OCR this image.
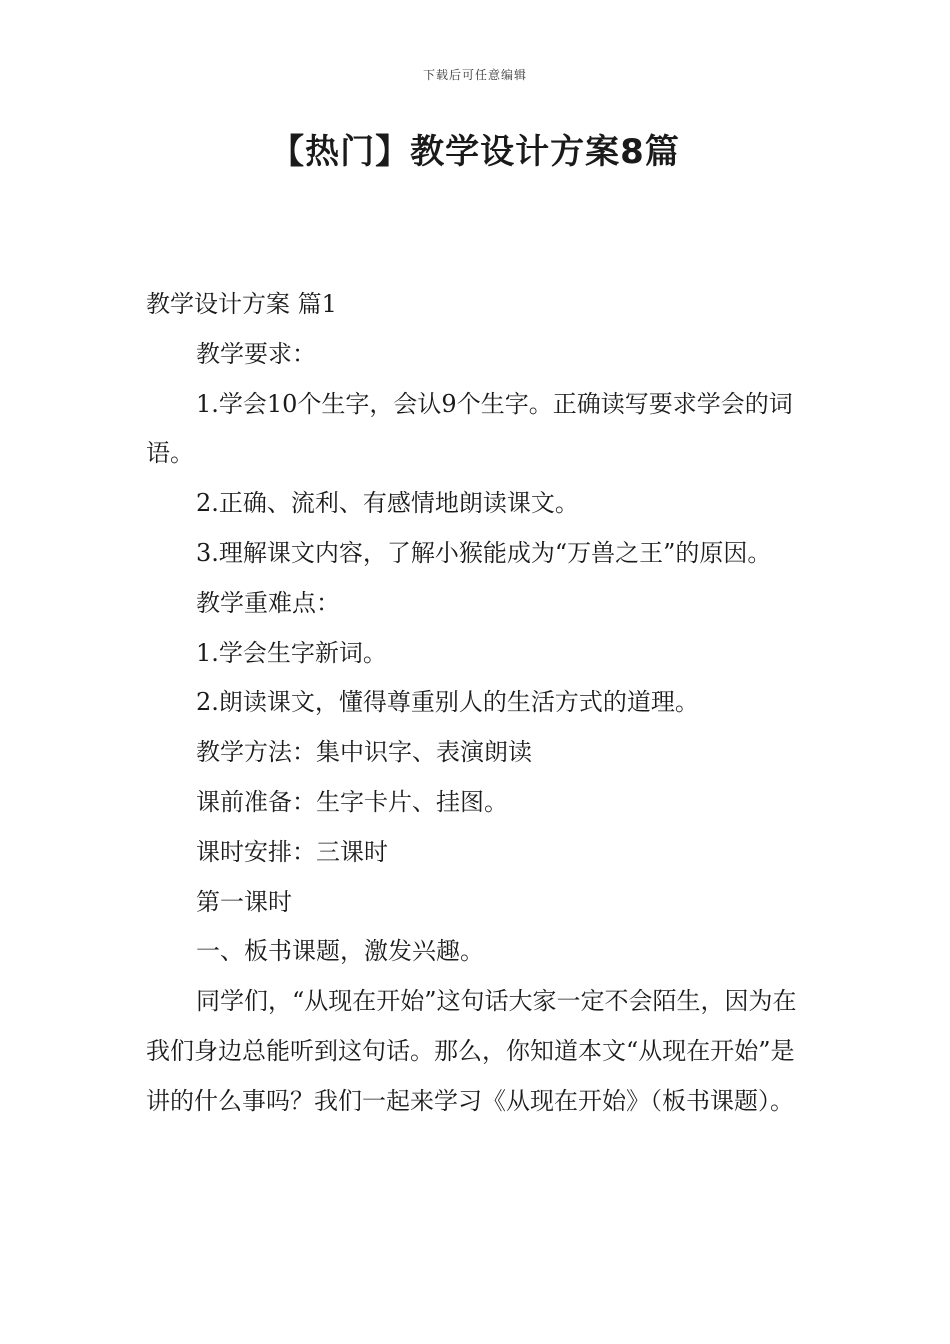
下载后可任意编辑
【热门】教学设计方案8篇

教学设计方案 篇1

教学要求：

1.学会10个生字，会认9个生字。正确读写要求学会的词语。

2.正确、流利、有感情地朗读课文。

3.理解课文内容，了解小猴能成为“万兽之王”的原因。

教学重难点：

1.学会生字新词。

2.朗读课文，懂得尊重别人的生活方式的道理。

教学方法：集中识字、表演朗读

课前准备：生字卡片、挂图。

课时安排：三课时

第一课时

一、板书课题，激发兴趣。

同学们，“从现在开始”这句话大家一定不会陌生，因为在我们身边总能听到这句话。那么，你知道本文“从现在开始”是讲的什么事吗？我们一起来学习《从现在开始》（板书课题）。
